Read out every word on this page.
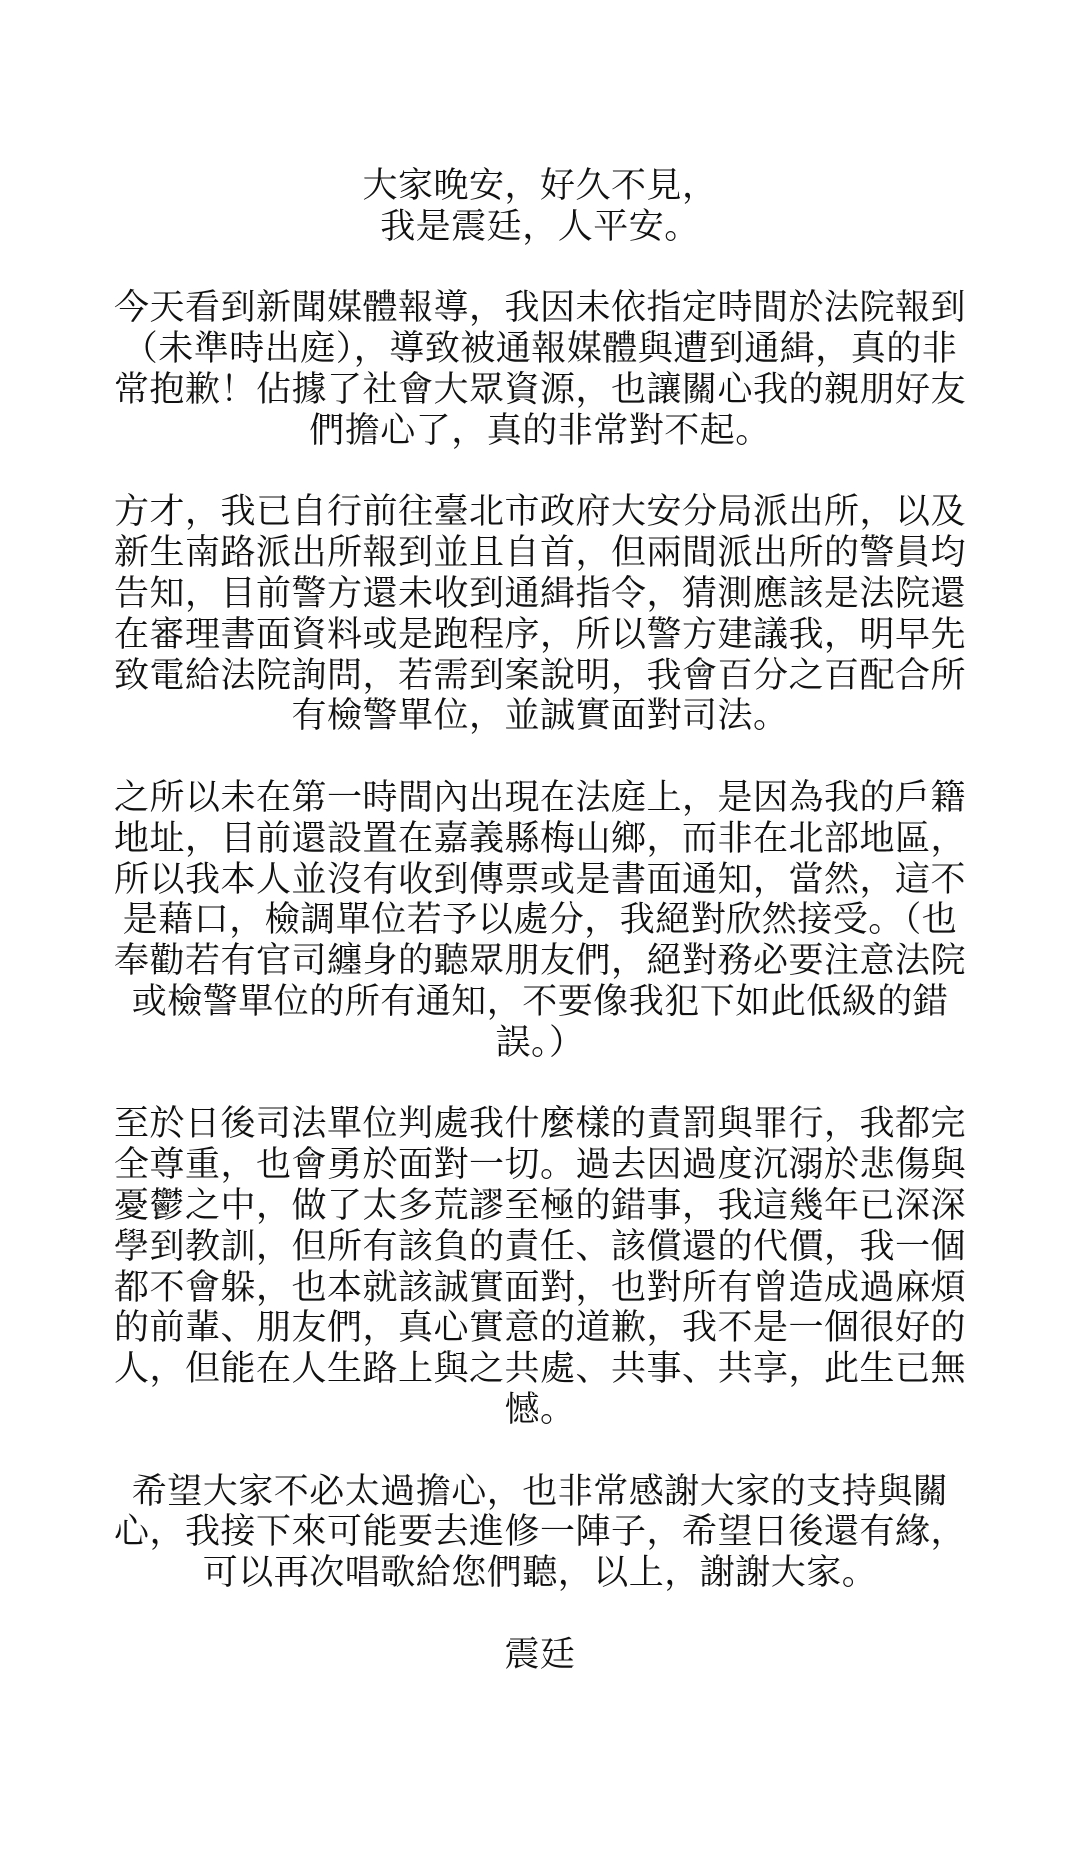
大家晚安，好久不見，
我是震廷，人平安。
今天看到新聞媒體報導，我因未依指定時間於法院報到
（未準時出庭），導致被通報媒體與遭到通緝，真的非
常抱歉！佔據了社會大眾資源，也讓關心我的親朋好友
們擔心了，真的非常對不起。
方才，我已自行前往臺北市政府大安分局派出所，以及
新生南路派出所報到並且自首，但兩間派出所的警員均
告知，目前警方還未收到通緝指令，猜測應該是法院還
在審理書面資料或是跑程序，所以警方建議我，明早先
致電給法院詢問，若需到案說明，我會百分之百配合所
有檢警單位，並誠實面對司法。
之所以未在第一時間內出現在法庭上，是因為我的戶籍
地址，目前還設置在嘉義縣梅山鄉，而非在北部地區，
所以我本人並沒有收到傳票或是書面通知，當然，這不
是藉口，檢調單位若予以處分，我絕對欣然接受。（也
奉勸若有官司纏身的聽眾朋友們，絕對務必要注意法院
或檢警單位的所有通知，不要像我犯下如此低級的錯
誤。）
至於日後司法單位判處我什麼樣的責罰與罪行，我都完
全尊重，也會勇於面對一切。過去因過度沉溺於悲傷與
憂鬱之中，做了太多荒謬至極的錯事，我這幾年已深深
學到教訓，但所有該負的責任、該償還的代價，我一個
都不會躲，也本就該誠實面對，也對所有曾造成過麻煩
的前輩、朋友們，真心實意的道歉，我不是一個很好的
人，但能在人生路上與之共處、共事、共享，此生已無
憾。
希望大家不必太過擔心，也非常感謝大家的支持與關
心，我接下來可能要去進修一陣子，希望日後還有緣，
可以再次唱歌給您們聽，以上，謝謝大家。
震廷
